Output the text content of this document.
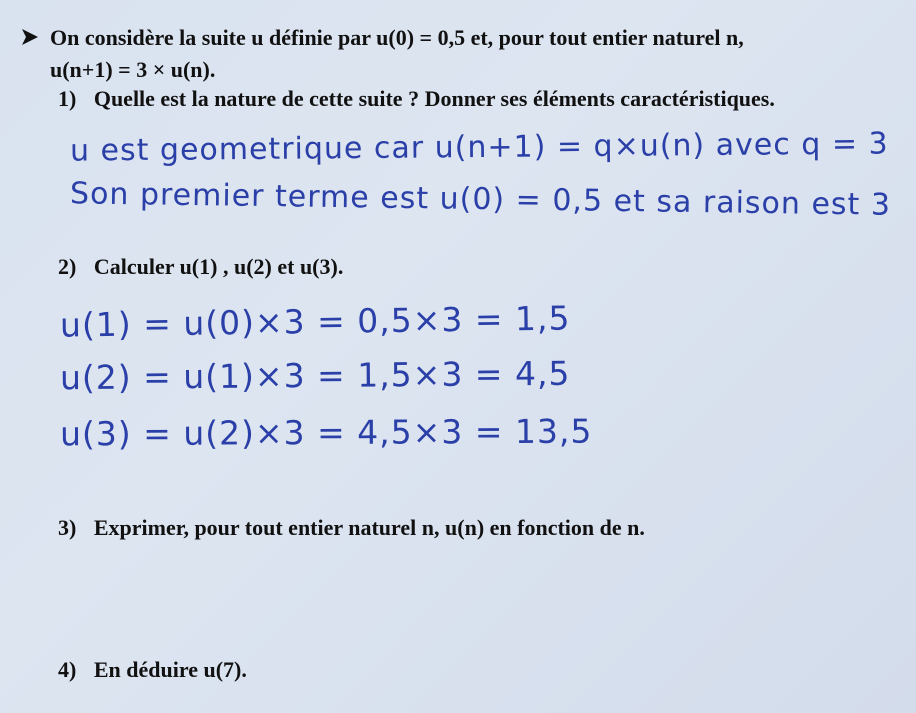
On considère la suite u définie par u(0) = 0,5 et, pour tout entier naturel n,
u(n+1) = 3 × u(n).
1) Quelle est la nature de cette suite ? Donner ses éléments caractéristiques.
u est geometrique car u(n+1) = q×u(n) avec q = 3
Son premier terme est u(0) = 0,5 et sa raison est 3
2) Calculer u(1) , u(2) et u(3).
u(1) = u(0)×3 = 0,5×3 = 1,5
u(2) = u(1)×3 = 1,5×3 = 4,5
u(3) = u(2)×3 = 4,5×3 = 13,5
3) Exprimer, pour tout entier naturel n, u(n) en fonction de n.
4) En déduire u(7).
